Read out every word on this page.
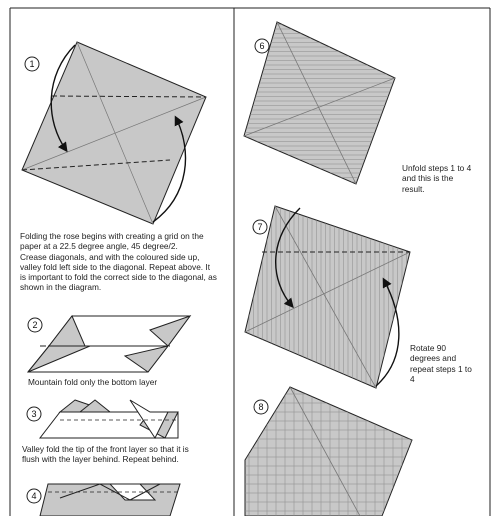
1
2
3
4
6
7
8
Folding the rose begins with creating a grid on the
paper at a 22.5 degree angle, 45 degree/2.
Crease diagonals, and with the coloured side up,
valley fold left side to the diagonal. Repeat above. It
is important to fold the correct side to the diagonal, as
shown in the diagram.
Mountain fold only the bottom layer
Valley fold the tip of the front layer so that it is
flush with the layer behind. Repeat behind.
Unfold steps 1 to 4
and this is the
result.
Rotate 90
degrees and
repeat steps 1 to
4
